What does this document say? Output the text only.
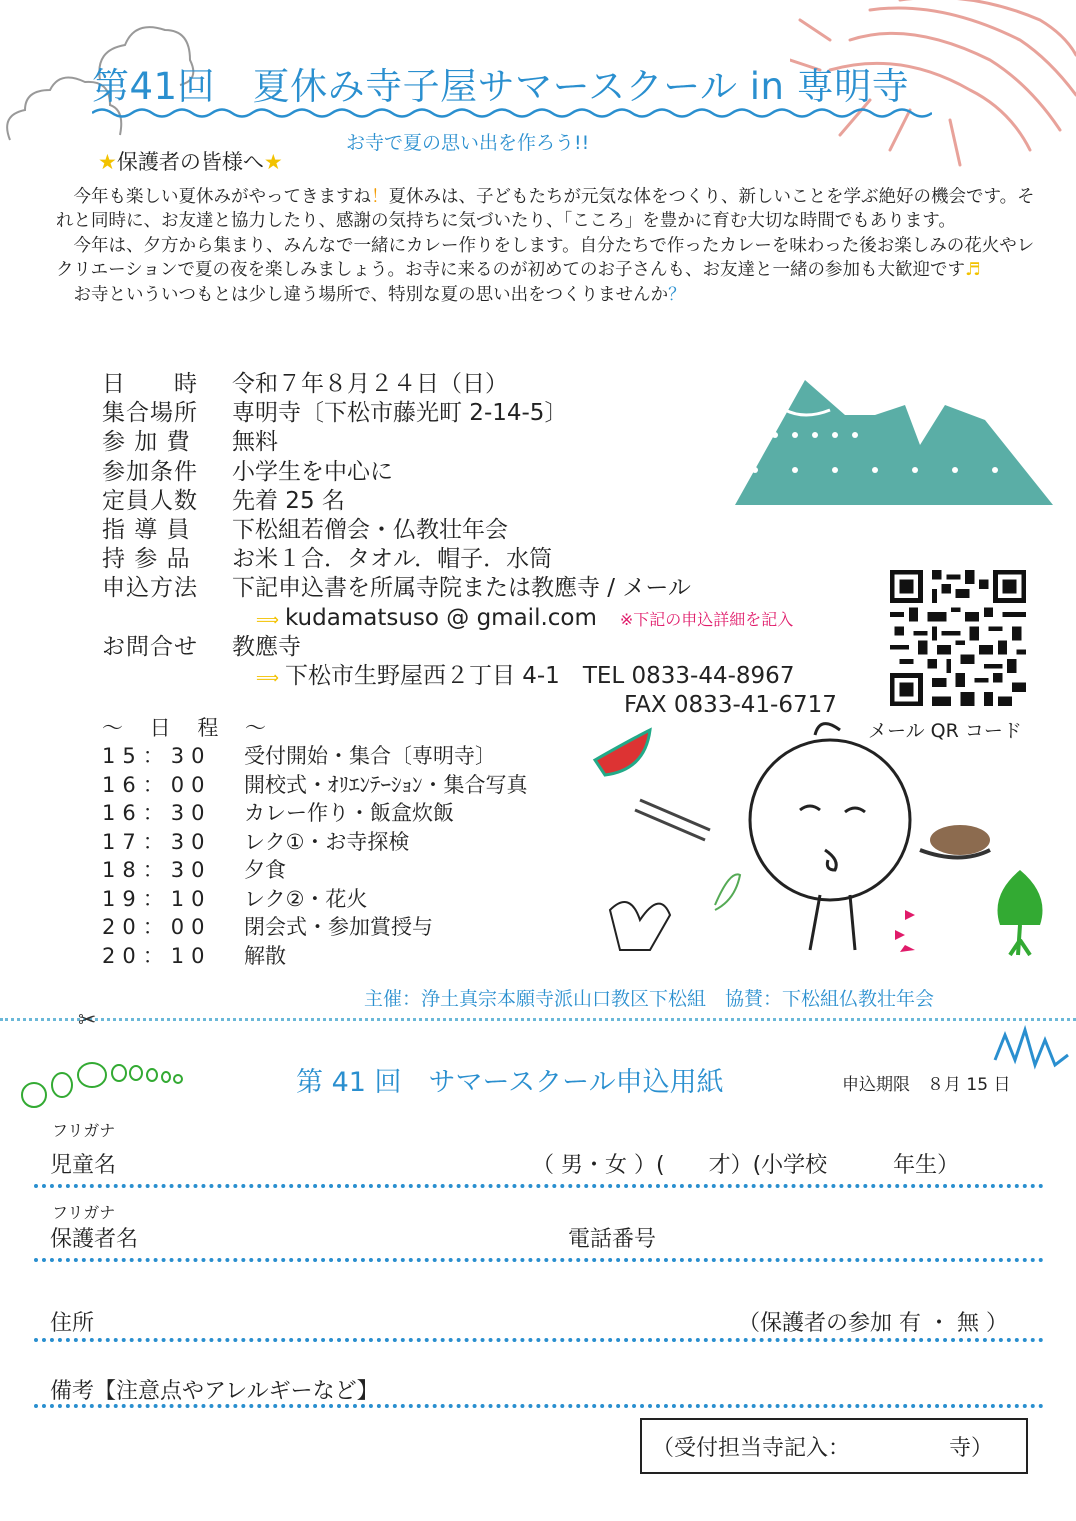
第41回　夏休み寺子屋サマースクール in 専明寺
お寺で夏の思い出を作ろう!!
★保護者の皆様へ★

　今年も楽しい夏休みがやってきますね！夏休みは、子どもたちが元気な体をつくり、新しいことを学ぶ絶好の機会です。それと同時に、お友達と協力したり、感謝の気持ちに気づいたり、「こころ」を豊かに育む大切な時間でもあります。

　今年は、夕方から集まり、みんなで一緒にカレー作りをします。自分たちで作ったカレーを味わった後お楽しみの花火やレクリエーションで夏の夜を楽しみましょう。お寺に来るのが初めてのお子さんも、お友達と一緒の参加も大歓迎です♬

　お寺といういつもとは少し違う場所で、特別な夏の思い出をつくりませんか？

日　　時	令和７年８月２４日（日）
集合場所	専明寺〔下松市藤光町 2-14-5〕
参 加 費	無料
参加条件	小学生を中心に
定員人数	先着 25 名
指 導 員	下松組若僧会・仏教壮年会
持 参 品	お米１合．タオル．帽子．水筒
申込方法	下記申込書を所属寺院または教應寺 / メール
⟹ kudamatsuso @ gmail.com　 ※下記の申込詳細を記入
お問合せ	教應寺
⟹ 下松市生野屋西２丁目 4-1　TEL 0833-44-8967
FAX 0833-41-6717
メール QR コード
～ 日 程 ～
15：30	受付開始・集合〔専明寺〕
16：00	開校式・ｵﾘｴﾝﾃｰｼｮﾝ・集合写真
16：30	カレー作り・飯盒炊飯
17：30	レク①・お寺探検
18：30	夕食
19：10	レク②・花火
20：00	閉会式・参加賞授与
20：10	解散
主催：浄土真宗本願寺派山口教区下松組　協賛：下松組仏教壮年会
✂
第 41 回　サマースクール申込用紙	申込期限　８月 15 日
フリガナ
児童名	（ 男・女 ）(　　才）(小学校　　　年生）
フリガナ
保護者名	電話番号
住所	（保護者の参加 有 ・ 無 ）
備考【注意点やアレルギーなど】
（受付担当寺記入：　　　　　寺）
